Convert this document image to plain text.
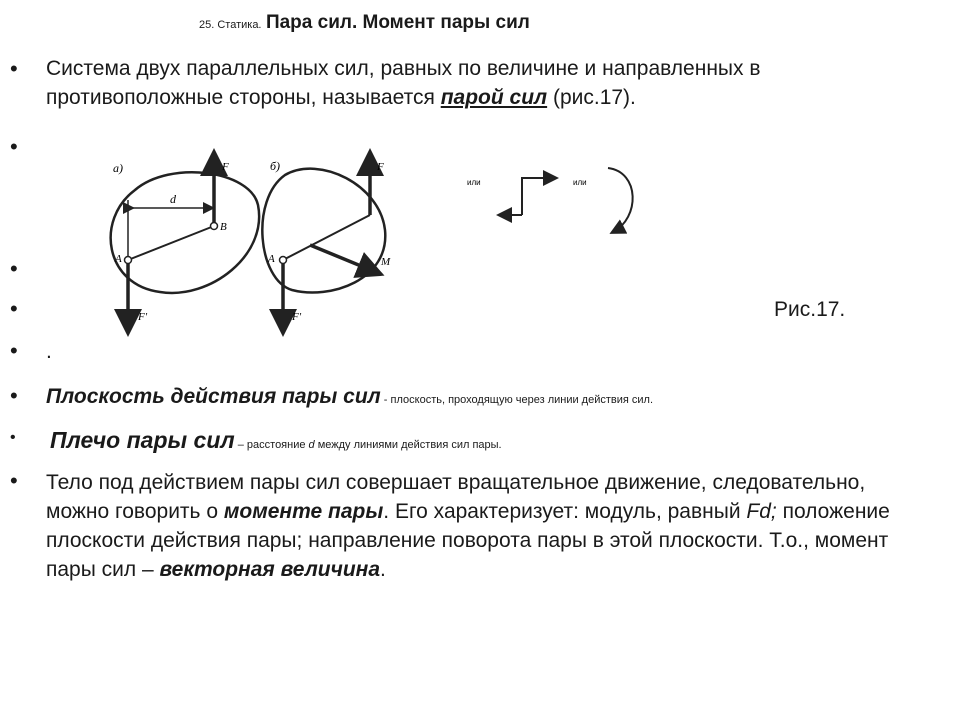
25. Статика. Пара сил. Момент пары сил
•
•
•
•
•
•
•
•
Система двух параллельных сил, равных по величине и направленных в противоположные стороны, называется парой сил (рис.17).
а)
d
A
B
F
F'
б)
A
F
F'
M
или	или
Рис.17.
.
Плоскость действия пары сил - плоскость, проходящую через линии действия сил.
Плечо пары сил – расстояние d между линиями действия сил пары.
Тело под действием пары сил совершает вращательное движение, следовательно, можно говорить о моменте пары. Его характеризует: модуль, равный Fd; положение плоскости действия пары; направление поворота пары в этой плоскости. Т.о., момент пары сил – векторная величина.
